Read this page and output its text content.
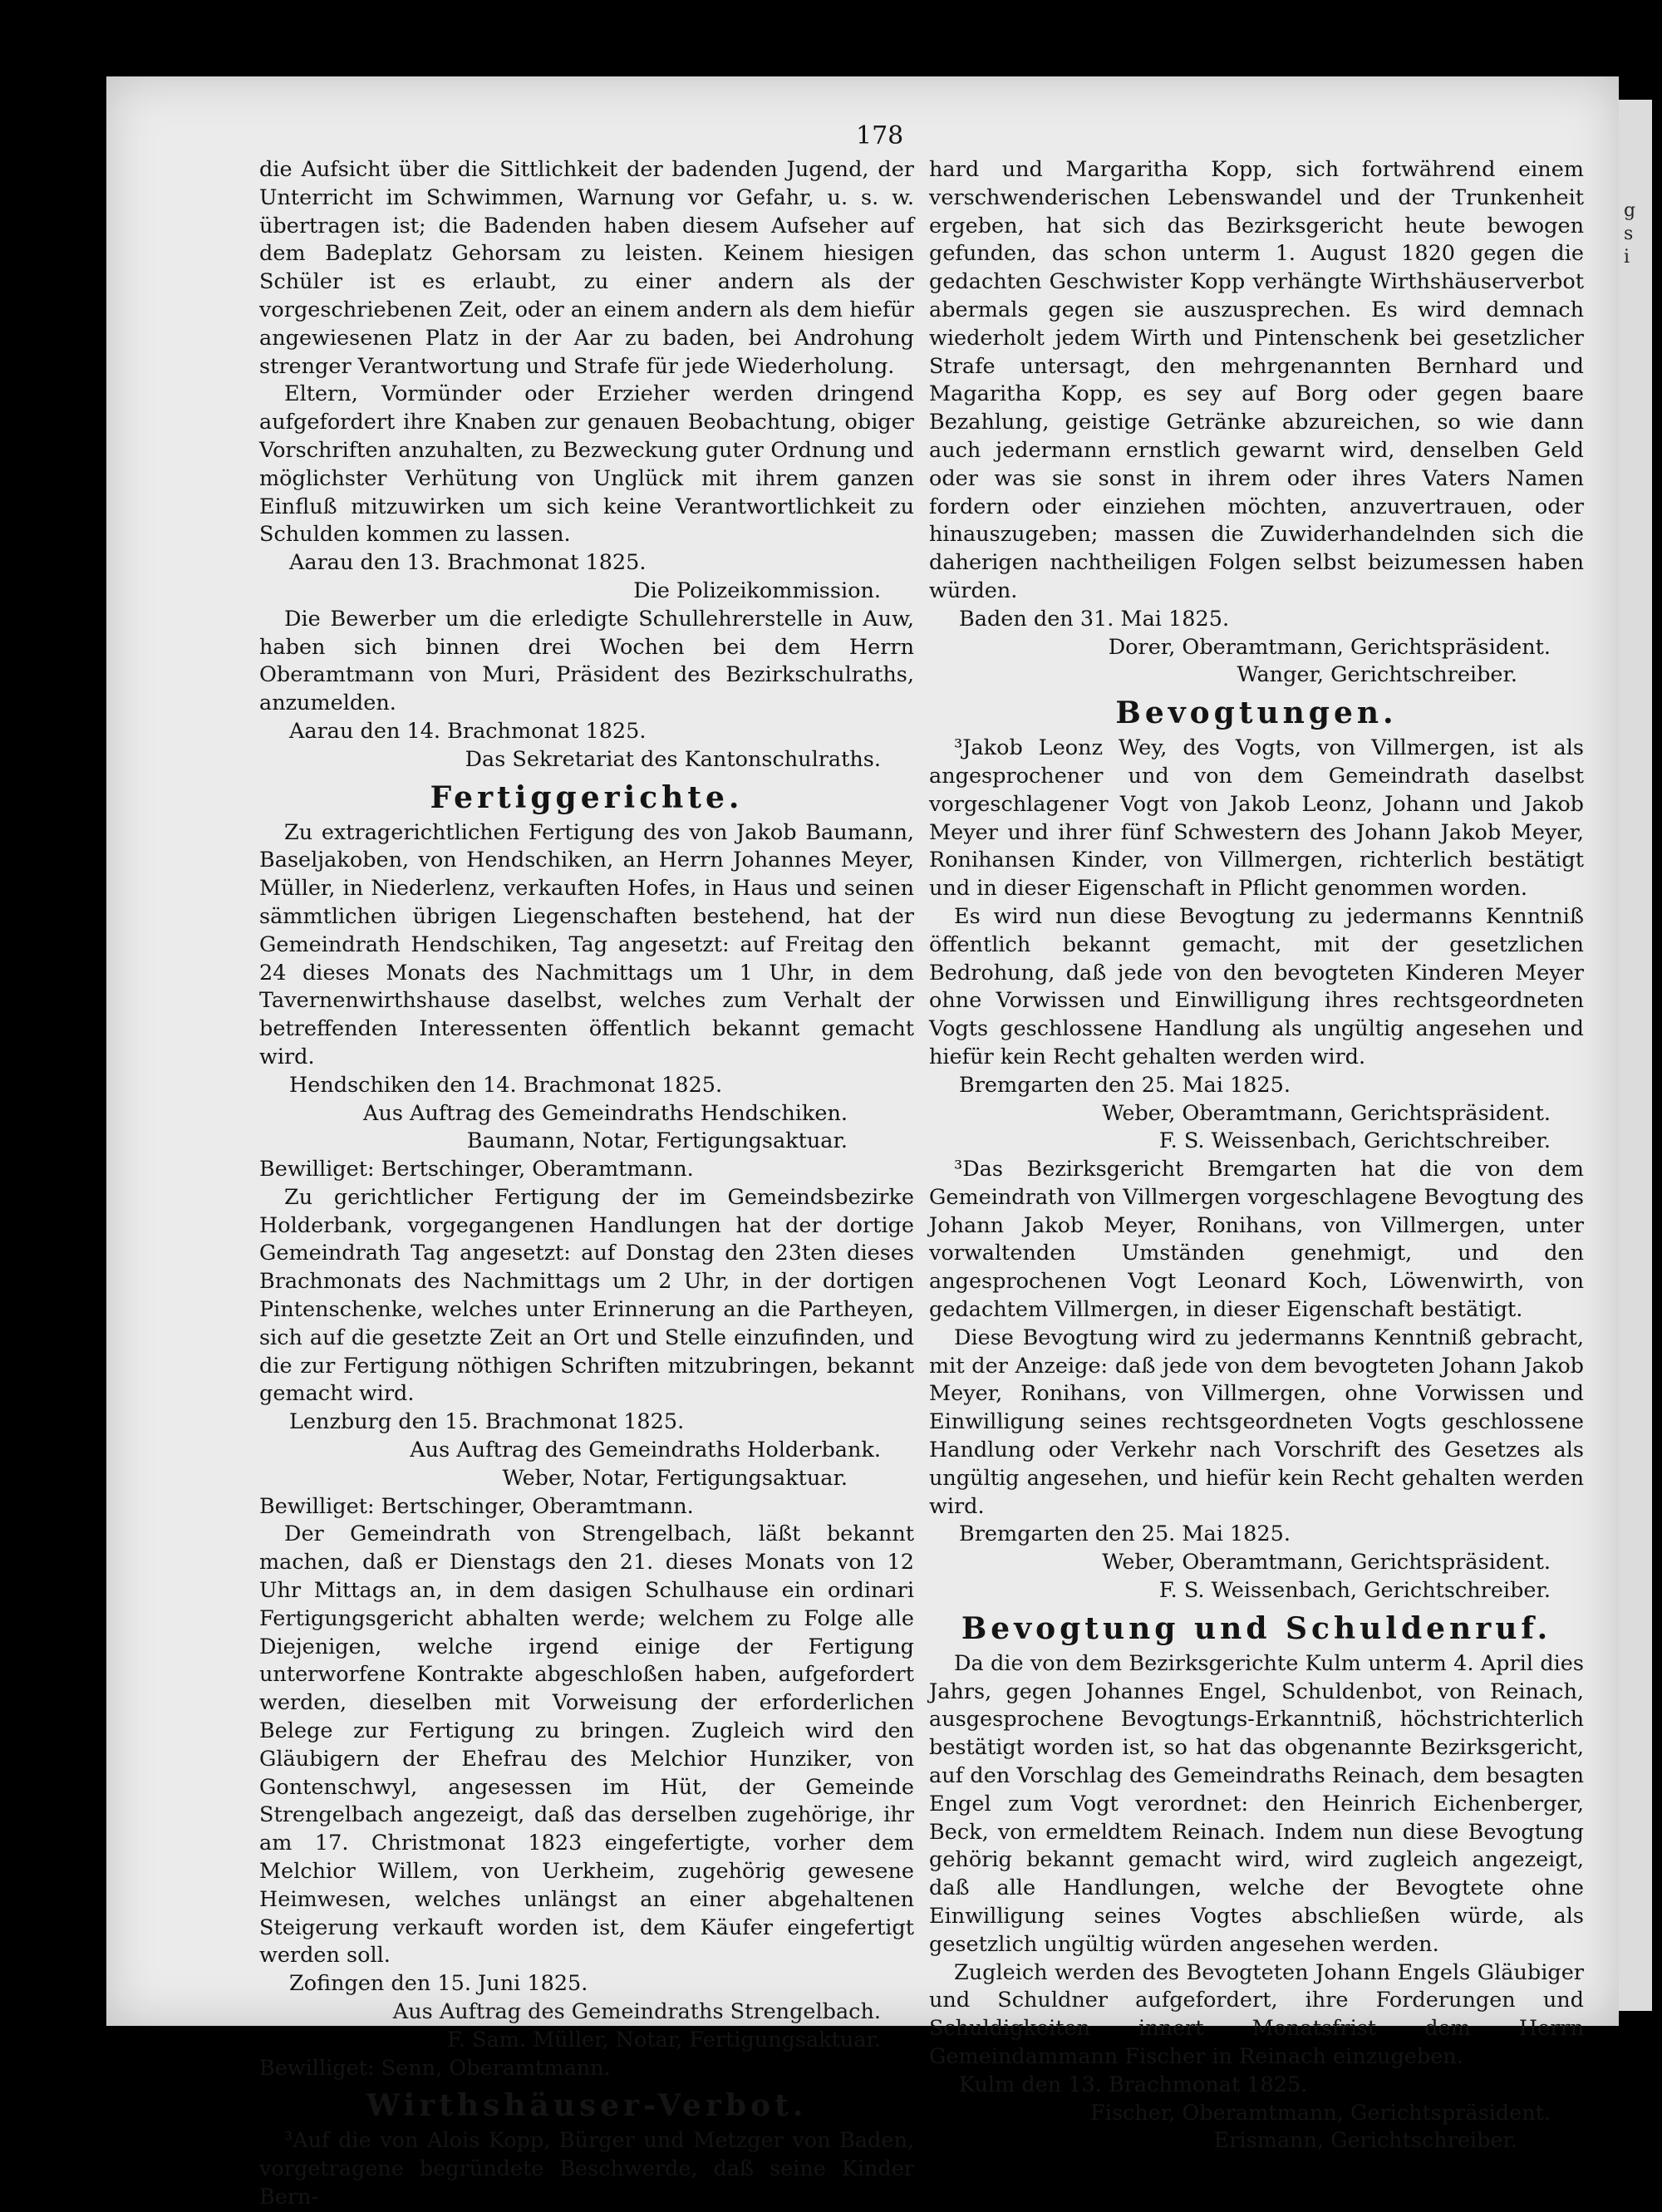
g
s
i
178

die Aufsicht über die Sittlichkeit der badenden Jugend, der Unterricht im Schwimmen, Warnung vor Gefahr, u. s. w. übertragen ist; die Badenden haben diesem Aufseher auf dem Badeplatz Gehorsam zu leisten. Keinem hiesigen Schüler ist es erlaubt, zu einer andern als der vorgeschriebenen Zeit, oder an einem andern als dem hiefür angewiesenen Platz in der Aar zu baden, bei Androhung strenger Verantwortung und Strafe für jede Wiederholung.

Eltern, Vormünder oder Erzieher werden dringend aufgefordert ihre Knaben zur genauen Beobachtung, obiger Vorschriften anzuhalten, zu Bezweckung guter Ordnung und möglichster Verhütung von Unglück mit ihrem ganzen Einfluß mitzuwirken um sich keine Verantwortlichkeit zu Schulden kommen zu lassen.

Aarau den 13. Brachmonat 1825.

Die Polizeikommission.

Die Bewerber um die erledigte Schullehrerstelle in Auw, haben sich binnen drei Wochen bei dem Herrn Oberamtmann von Muri, Präsident des Bezirkschulraths, anzumelden.

Aarau den 14. Brachmonat 1825.

Das Sekretariat des Kantonschulraths.

Fertiggerichte.

Zu extragerichtlichen Fertigung des von Jakob Baumann, Baseljakoben, von Hendschiken, an Herrn Johannes Meyer, Müller, in Niederlenz, verkauften Hofes, in Haus und seinen sämmtlichen übrigen Liegenschaften bestehend, hat der Gemeindrath Hendschiken, Tag angesetzt: auf Freitag den 24 dieses Monats des Nachmittags um 1 Uhr, in dem Tavernenwirthshause daselbst, welches zum Verhalt der betreffenden Interessenten öffentlich bekannt gemacht wird.

Hendschiken den 14. Brachmonat 1825.

Aus Auftrag des Gemeindraths Hendschiken.

Baumann, Notar, Fertigungsaktuar.

Bewilliget: Bertschinger, Oberamtmann.

Zu gerichtlicher Fertigung der im Gemeindsbezirke Holderbank, vorgegangenen Handlungen hat der dortige Gemeindrath Tag angesetzt: auf Donstag den 23ten dieses Brachmonats des Nachmittags um 2 Uhr, in der dortigen Pintenschenke, welches unter Erinnerung an die Partheyen, sich auf die gesetzte Zeit an Ort und Stelle einzufinden, und die zur Fertigung nöthigen Schriften mitzubringen, bekannt gemacht wird.

Lenzburg den 15. Brachmonat 1825.

Aus Auftrag des Gemeindraths Holderbank.

Weber, Notar, Fertigungsaktuar.

Bewilliget: Bertschinger, Oberamtmann.

Der Gemeindrath von Strengelbach, läßt bekannt machen, daß er Dienstags den 21. dieses Monats von 12 Uhr Mittags an, in dem dasigen Schulhause ein ordinari Fertigungsgericht abhalten werde; welchem zu Folge alle Diejenigen, welche irgend einige der Fertigung unterworfene Kontrakte abgeschloßen haben, aufgefordert werden, dieselben mit Vorweisung der erforderlichen Belege zur Fertigung zu bringen. Zugleich wird den Gläubigern der Ehefrau des Melchior Hunziker, von Gontenschwyl, angesessen im Hüt, der Gemeinde Strengelbach angezeigt, daß das derselben zugehörige, ihr am 17. Christmonat 1823 eingefertigte, vorher dem Melchior Willem, von Uerkheim, zugehörig gewesene Heimwesen, welches unlängst an einer abgehaltenen Steigerung verkauft worden ist, dem Käufer eingefertigt werden soll.

Zofingen den 15. Juni 1825.

Aus Auftrag des Gemeindraths Strengelbach.

F. Sam. Müller, Notar, Fertigungsaktuar.

Bewilliget: Senn, Oberamtmann.

Wirthshäuser-Verbot.

³Auf die von Alois Kopp, Bürger und Metzger von Baden, vorgetragene begründete Beschwerde, daß seine Kinder Bern-

hard und Margaritha Kopp, sich fortwährend einem verschwenderischen Lebenswandel und der Trunkenheit ergeben, hat sich das Bezirksgericht heute bewogen gefunden, das schon unterm 1. August 1820 gegen die gedachten Geschwister Kopp verhängte Wirthshäuserverbot abermals gegen sie auszusprechen. Es wird demnach wiederholt jedem Wirth und Pintenschenk bei gesetzlicher Strafe untersagt, den mehrgenannten Bernhard und Magaritha Kopp, es sey auf Borg oder gegen baare Bezahlung, geistige Getränke abzureichen, so wie dann auch jedermann ernstlich gewarnt wird, denselben Geld oder was sie sonst in ihrem oder ihres Vaters Namen fordern oder einziehen möchten, anzuvertrauen, oder hinauszugeben; massen die Zuwiderhandelnden sich die daherigen nachtheiligen Folgen selbst beizumessen haben würden.

Baden den 31. Mai 1825.

Dorer, Oberamtmann, Gerichtspräsident.

Wanger, Gerichtschreiber.

Bevogtungen.

³Jakob Leonz Wey, des Vogts, von Villmergen, ist als angesprochener und von dem Gemeindrath daselbst vorgeschlagener Vogt von Jakob Leonz, Johann und Jakob Meyer und ihrer fünf Schwestern des Johann Jakob Meyer, Ronihansen Kinder, von Villmergen, richterlich bestätigt und in dieser Eigenschaft in Pflicht genommen worden.

Es wird nun diese Bevogtung zu jedermanns Kenntniß öffentlich bekannt gemacht, mit der gesetzlichen Bedrohung, daß jede von den bevogteten Kinderen Meyer ohne Vorwissen und Einwilligung ihres rechtsgeordneten Vogts geschlossene Handlung als ungültig angesehen und hiefür kein Recht gehalten werden wird.

Bremgarten den 25. Mai 1825.

Weber, Oberamtmann, Gerichtspräsident.

F. S. Weissenbach, Gerichtschreiber.

³Das Bezirksgericht Bremgarten hat die von dem Gemeindrath von Villmergen vorgeschlagene Bevogtung des Johann Jakob Meyer, Ronihans, von Villmergen, unter vorwaltenden Umständen genehmigt, und den angesprochenen Vogt Leonard Koch, Löwenwirth, von gedachtem Villmergen, in dieser Eigenschaft bestätigt.

Diese Bevogtung wird zu jedermanns Kenntniß gebracht, mit der Anzeige: daß jede von dem bevogteten Johann Jakob Meyer, Ronihans, von Villmergen, ohne Vorwissen und Einwilligung seines rechtsgeordneten Vogts geschlossene Handlung oder Verkehr nach Vorschrift des Gesetzes als ungültig angesehen, und hiefür kein Recht gehalten werden wird.

Bremgarten den 25. Mai 1825.

Weber, Oberamtmann, Gerichtspräsident.

F. S. Weissenbach, Gerichtschreiber.

Bevogtung und Schuldenruf.

Da die von dem Bezirksgerichte Kulm unterm 4. April dies Jahrs, gegen Johannes Engel, Schuldenbot, von Reinach, ausgesprochene Bevogtungs-Erkanntniß, höchstrichterlich bestätigt worden ist, so hat das obgenannte Bezirksgericht, auf den Vorschlag des Gemeindraths Reinach, dem besagten Engel zum Vogt verordnet: den Heinrich Eichenberger, Beck, von ermeldtem Reinach. Indem nun diese Bevogtung gehörig bekannt gemacht wird, wird zugleich angezeigt, daß alle Handlungen, welche der Bevogtete ohne Einwilligung seines Vogtes abschließen würde, als gesetzlich ungültig würden angesehen werden.

Zugleich werden des Bevogteten Johann Engels Gläubiger und Schuldner aufgefordert, ihre Forderungen und Schuldigkeiten innert Monatsfrist dem Herrn Gemeindammann Fischer in Reinach einzugeben.

Kulm den 13. Brachmonat 1825.

Fischer, Oberamtmann, Gerichtspräsident.

Erismann, Gerichtschreiber.
